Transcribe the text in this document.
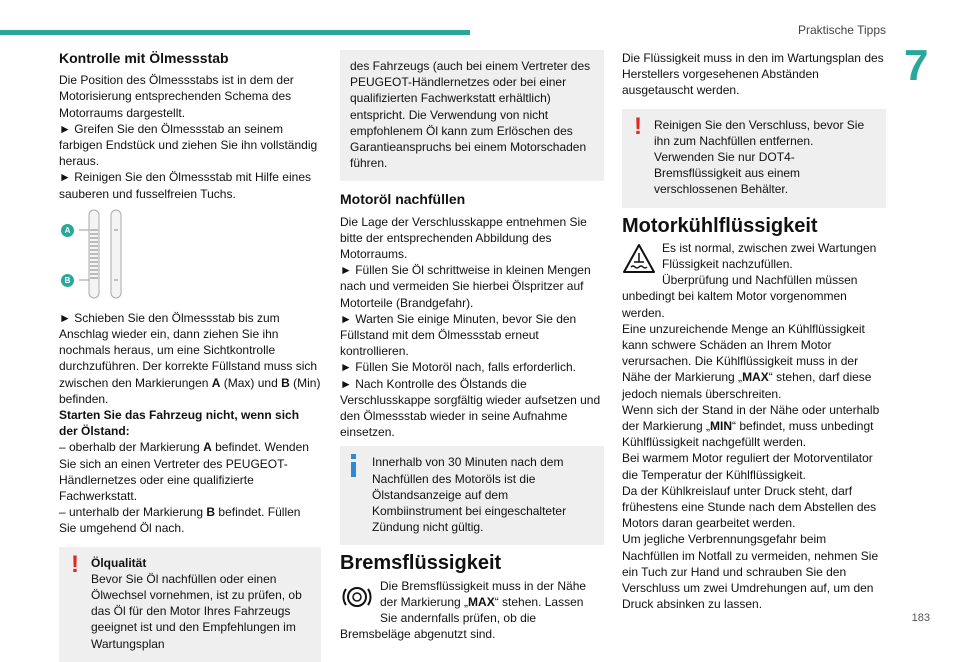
Praktische Tipps
7
183

Kontrolle mit Ölmessstab

Die Position des Ölmessstabs ist in dem der Motorisierung entsprechenden Schema des Motorraums dargestellt.

► Greifen Sie den Ölmessstab an seinem farbigen Endstück und ziehen Sie ihn vollständig heraus.

► Reinigen Sie den Ölmessstab mit Hilfe eines sauberen und fusselfreien Tuchs.

A
B

► Schieben Sie den Ölmessstab bis zum Anschlag wieder ein, dann ziehen Sie ihn nochmals heraus, um eine Sichtkontrolle durchzuführen. Der korrekte Füllstand muss sich zwischen den Markierungen A (Max) und B (Min) befinden.

Starten Sie das Fahrzeug nicht, wenn sich der Ölstand:

– oberhalb der Markierung A befindet. Wenden Sie sich an einen Vertreter des PEUGEOT-Händlernetzes oder eine qualifizierte Fachwerkstatt.

– unterhalb der Markierung B befindet. Füllen Sie umgehend Öl nach.

! Ölqualität

Bevor Sie Öl nachfüllen oder einen Ölwechsel vornehmen, ist zu prüfen, ob das Öl für den Motor Ihres Fahrzeugs geeignet ist und den Empfehlungen im Wartungsplan

des Fahrzeugs (auch bei einem Vertreter des PEUGEOT-Händlernetzes oder bei einer qualifizierten Fachwerkstatt erhältlich) entspricht. Die Verwendung von nicht empfohlenem Öl kann zum Erlöschen des Garantieanspruchs bei einem Motorschaden führen.

Motoröl nachfüllen

Die Lage der Verschlusskappe entnehmen Sie bitte der entsprechenden Abbildung des Motorraums.

► Füllen Sie Öl schrittweise in kleinen Mengen nach und vermeiden Sie hierbei Ölspritzer auf Motorteile (Brandgefahr).

► Warten Sie einige Minuten, bevor Sie den Füllstand mit dem Ölmessstab erneut kontrollieren.

► Füllen Sie Motoröl nach, falls erforderlich.

► Nach Kontrolle des Ölstands die Verschlusskappe sorgfältig wieder aufsetzen und den Ölmessstab wieder in seine Aufnahme einsetzen.

Innerhalb von 30 Minuten nach dem Nachfüllen des Motoröls ist die Ölstandsanzeige auf dem Kombiinstrument bei eingeschalteter Zündung nicht gültig.

Bremsflüssigkeit

Die Bremsflüssigkeit muss in der Nähe der Markierung „MAX“ stehen. Lassen Sie andernfalls prüfen, ob die Bremsbeläge abgenutzt sind.

Die Flüssigkeit muss in den im Wartungsplan des Herstellers vorgesehenen Abständen ausgetauscht werden.

! Reinigen Sie den Verschluss, bevor Sie ihn zum Nachfüllen entfernen. Verwenden Sie nur DOT4-Bremsflüssigkeit aus einem verschlossenen Behälter.

Motorkühlflüssigkeit

Es ist normal, zwischen zwei Wartungen Flüssigkeit nachzufüllen.

Überprüfung und Nachfüllen müssen unbedingt bei kaltem Motor vorgenommen werden.

Eine unzureichende Menge an Kühlflüssigkeit kann schwere Schäden an Ihrem Motor verursachen. Die Kühlflüssigkeit muss in der Nähe der Markierung „MAX“ stehen, darf diese jedoch niemals überschreiten.

Wenn sich der Stand in der Nähe oder unterhalb der Markierung „MIN“ befindet, muss unbedingt Kühlflüssigkeit nachgefüllt werden.

Bei warmem Motor reguliert der Motorventilator die Temperatur der Kühlflüssigkeit.

Da der Kühlkreislauf unter Druck steht, darf frühestens eine Stunde nach dem Abstellen des Motors daran gearbeitet werden.

Um jegliche Verbrennungsgefahr beim Nachfüllen im Notfall zu vermeiden, nehmen Sie ein Tuch zur Hand und schrauben Sie den Verschluss um zwei Umdrehungen auf, um den Druck absinken zu lassen.
